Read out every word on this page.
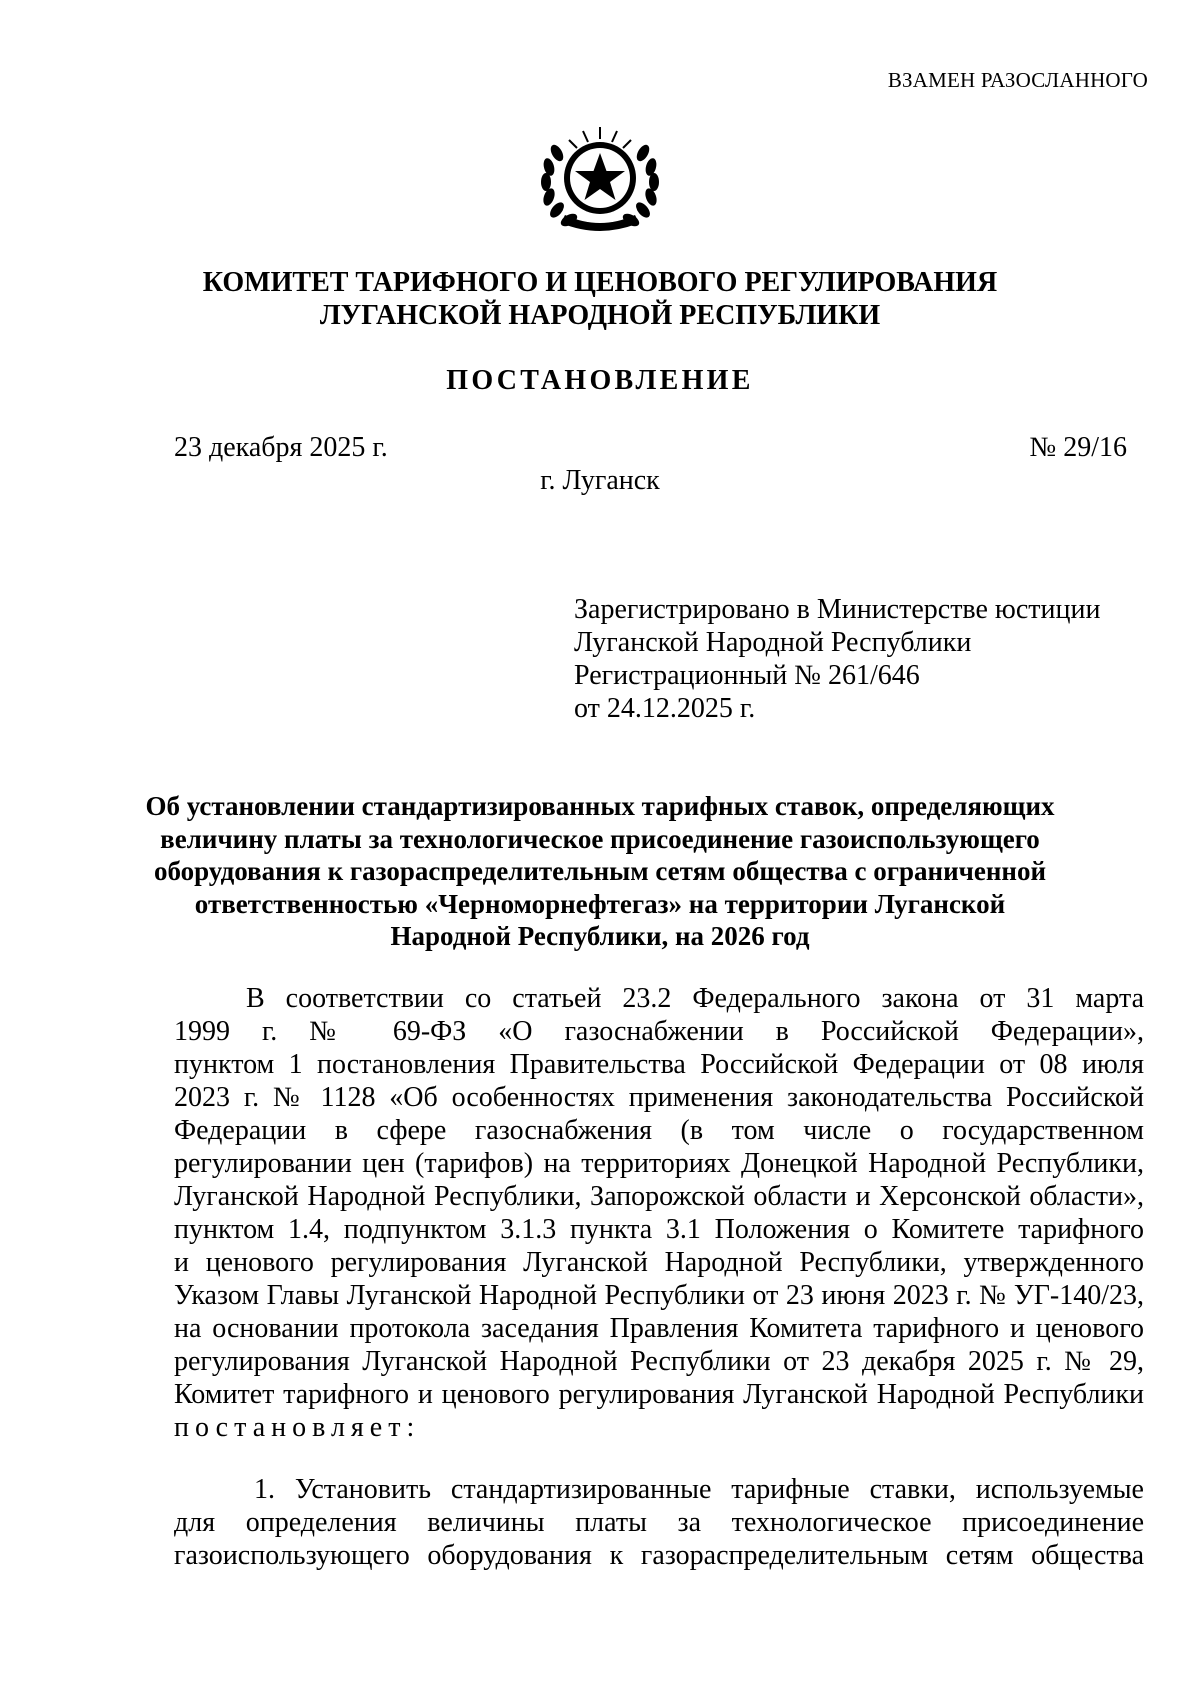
ВЗАМЕН РАЗОСЛАННОГО
КОМИТЕТ ТАРИФНОГО И ЦЕНОВОГО РЕГУЛИРОВАНИЯ
ЛУГАНСКОЙ НАРОДНОЙ РЕСПУБЛИКИ
ПОСТАНОВЛЕНИЕ
23 декабря 2025 г.	№ 29/16
г. Луганск
Зарегистрировано в Министерстве юстиции
Луганской Народной Республики
Регистрационный № 261/646
от 24.12.2025 г.
Об установлении стандартизированных тарифных ставок, определяющих
величину платы за технологическое присоединение газоиспользующего
оборудования к газораспределительным сетям общества с ограниченной
ответственностью «Черноморнефтегаз» на территории Луганской
Народной Республики, на 2026 год
В соответствии со статьей 23.2 Федерального закона от 31 марта
1999 г. № 69-ФЗ «О газоснабжении в Российской Федерации»,
пунктом 1 постановления Правительства Российской Федерации от 08 июля
2023 г. № 1128 «Об особенностях применения законодательства Российской
Федерации в сфере газоснабжения (в том числе о государственном
регулировании цен (тарифов) на территориях Донецкой Народной Республики,
Луганской Народной Республики, Запорожской области и Херсонской области»,
пунктом 1.4, подпунктом 3.1.3 пункта 3.1 Положения о Комитете тарифного
и ценового регулирования Луганской Народной Республики, утвержденного
Указом Главы Луганской Народной Республики от 23 июня 2023 г. № УГ-140/23,
на основании протокола заседания Правления Комитета тарифного и ценового
регулирования Луганской Народной Республики от 23 декабря 2025 г. № 29,
Комитет тарифного и ценового регулирования Луганской Народной Республики
постановляет:
1. Установить стандартизированные тарифные ставки, используемые
для определения величины платы за технологическое присоединение
газоиспользующего оборудования к газораспределительным сетям общества
